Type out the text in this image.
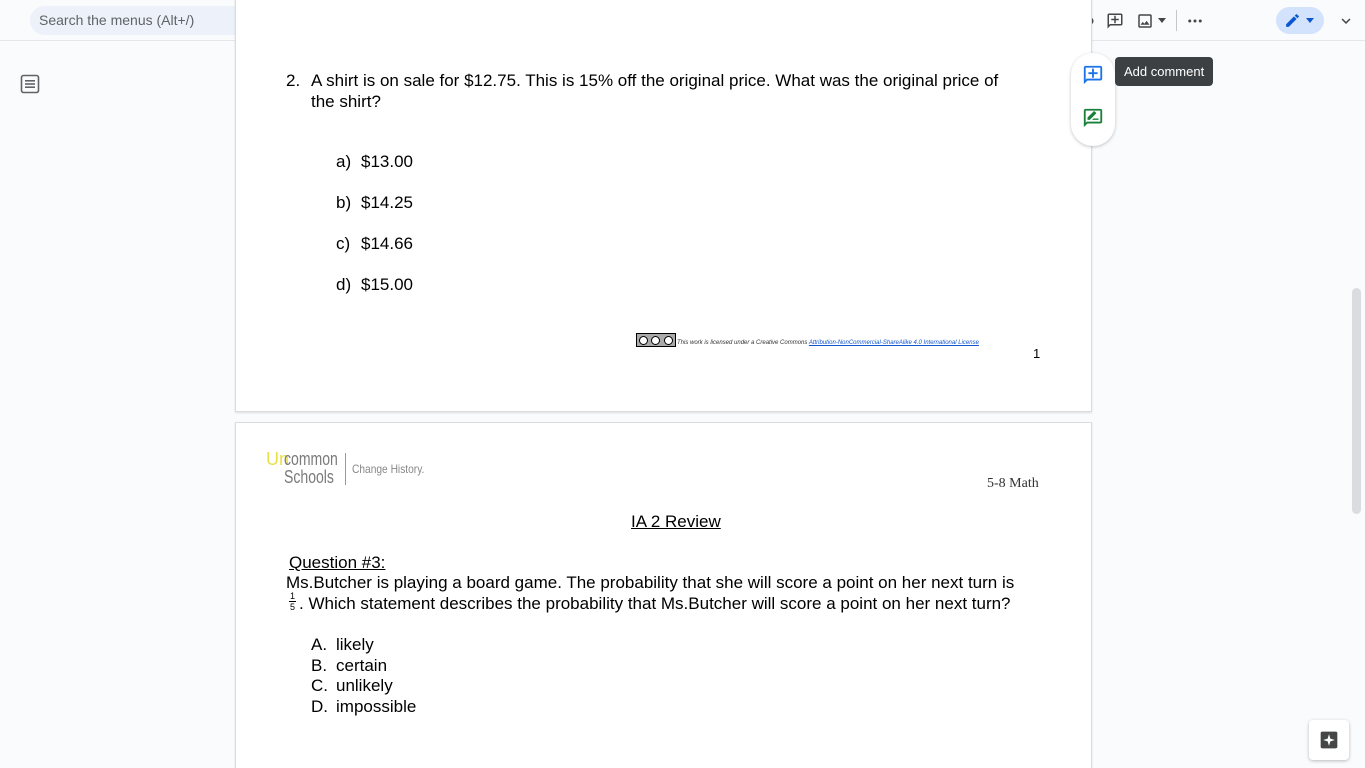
Search the menus (Alt+/)
2. A shirt is on sale for $12.75. This is 15% off the original price. What was the original price of
the shirt?
a) $13.00
b) $14.25
c) $14.66
d) $15.00
This work is licensed under a Creative Commons Attribution-NonCommercial-ShareAlike 4.0 International License
1
Un
common
Schools Change History.
5-8 Math
IA 2 Review
Question #3:
Ms.Butcher is playing a board game. The probability that she will score a point on her next turn is
$\frac{1}{5}$ . Which statement describes the probability that Ms.Butcher will score a point on her next turn?
A. likely
B. certain
C. unlikely
D. impossible
Add comment
